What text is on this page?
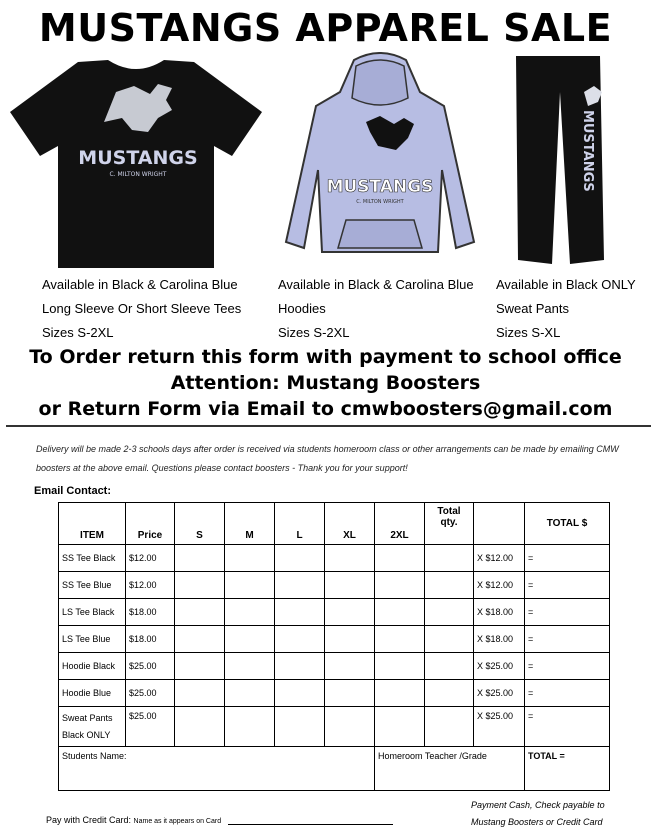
MUSTANGS APPAREL SALE
MUSTANGS
C. MILTON WRIGHT
MUSTANGS
C. MILTON WRIGHT
MUSTANGS
Available in Black & Carolina Blue
Long Sleeve Or Short Sleeve Tees
Sizes S-2XL
Available in Black & Carolina Blue
Hoodies
Sizes S-2XL
Available in Black ONLY
Sweat Pants
Sizes S-XL
To Order return this form with payment to school office
Attention: Mustang Boosters
or Return Form via Email to cmwboosters@gmail.com
Delivery will be made 2-3 schools days after order is received via students homeroom class or other arrangements can be made by emailing CMW boosters at the above email. Questions please contact boosters - Thank you for your support!
Email Contact:
ITEM	Price	S	M	L	XL	2XL	Total qty.		TOTAL $
SS Tee Black	$12.00							X $12.00	=
SS Tee Blue	$12.00							X $12.00	=
LS Tee Black	$18.00							X $18.00	=
LS Tee Blue	$18.00							X $18.00	=
Hoodie Black	$25.00							X $25.00	=
Hoodie Blue	$25.00							X $25.00	=
Sweat Pants Black ONLY	$25.00							X $25.00	=
Students Name:						Homeroom Teacher /Grade			TOTAL =
Pay with Credit Card: Name as it appears on Card
Payment Cash, Check payable to
Mustang Boosters or Credit Card
